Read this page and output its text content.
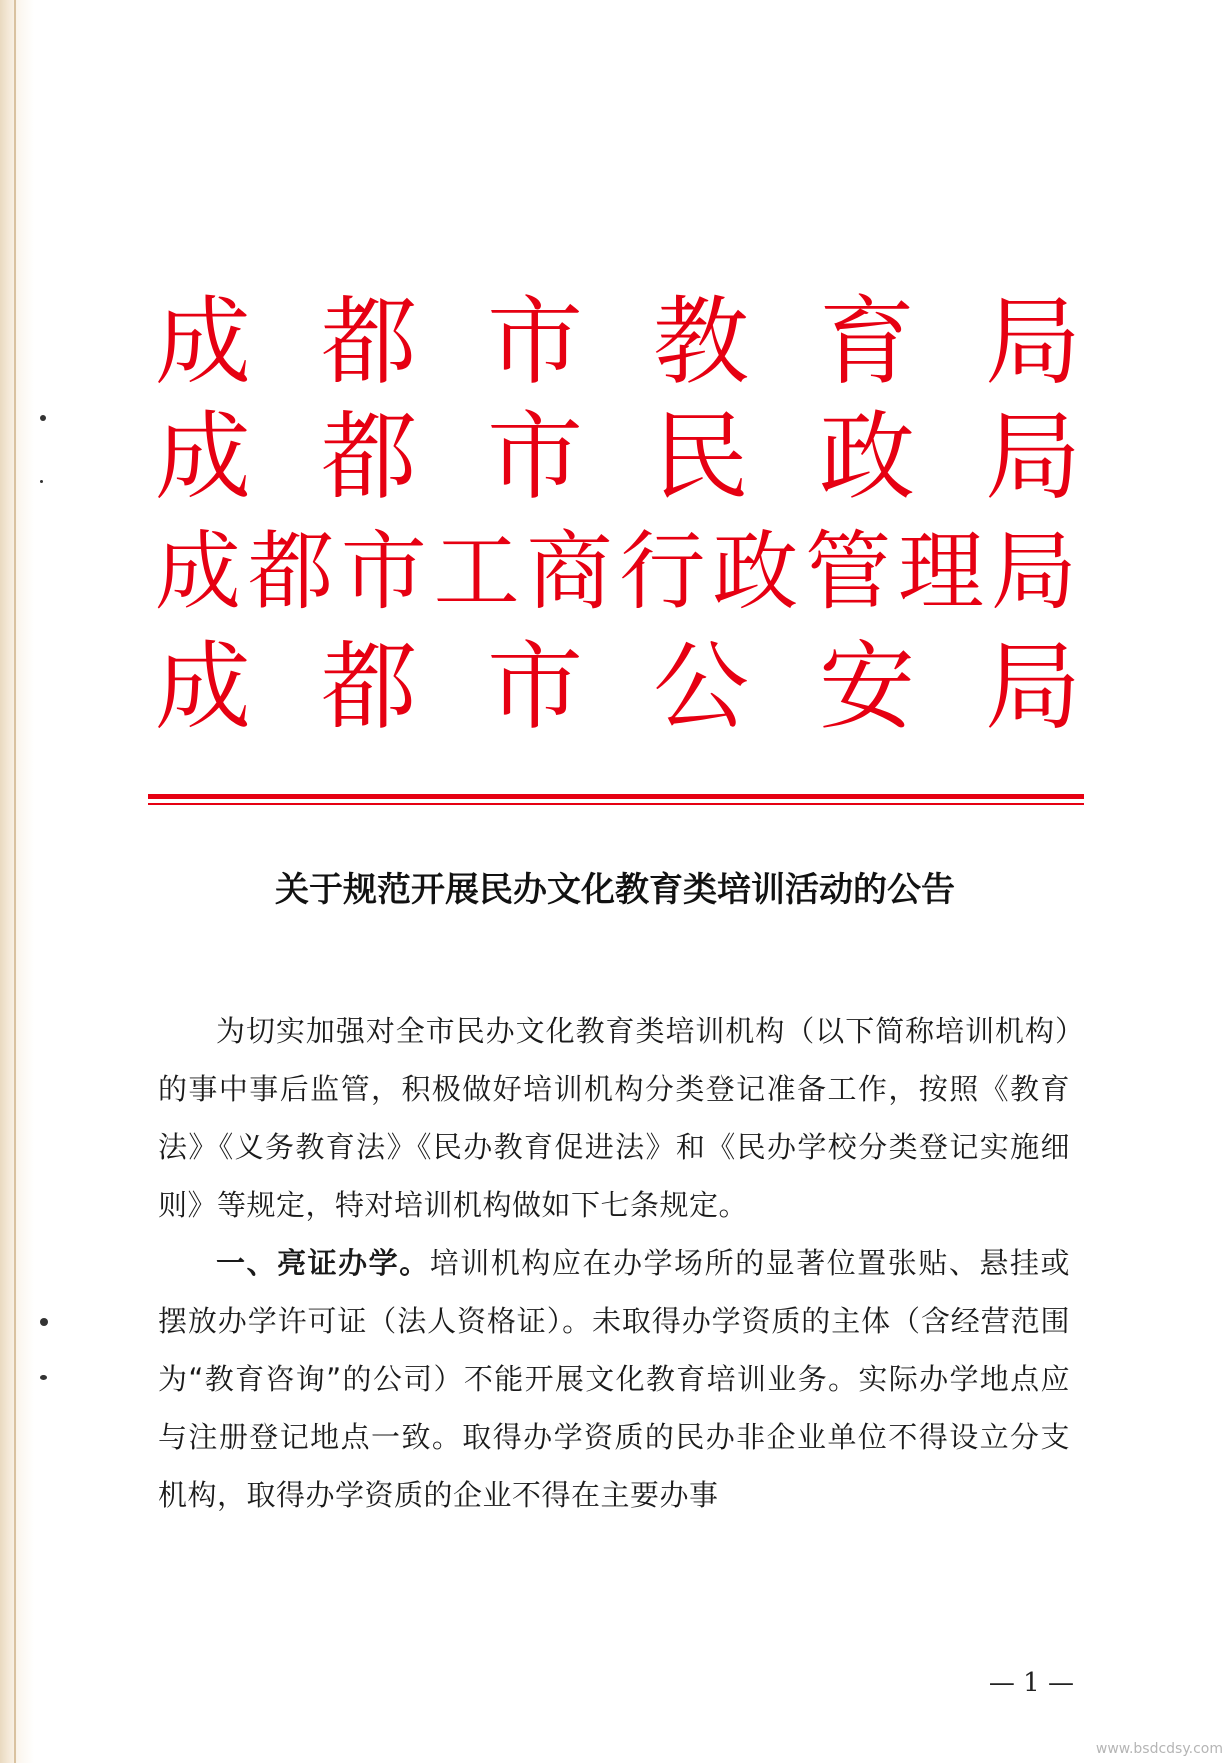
成 都 市 教 育 局
成 都 市 民 政 局
成 都 市 工 商 行 政 管 理 局
成 都 市 公 安 局
关于规范开展民办文化教育类培训活动的公告

为切实加强对全市民办文化教育类培训机构（以下简称培训机构）的事中事后监管，积极做好培训机构分类登记准备工作，按照《教育法》《义务教育法》《民办教育促进法》和《民办学校分类登记实施细则》等规定，特对培训机构做如下七条规定。

一、亮证办学。培训机构应在办学场所的显著位置张贴、悬挂或摆放办学许可证（法人资格证）。未取得办学资质的主体（含经营范围为“教育咨询”的公司）不能开展文化教育培训业务。实际办学地点应与注册登记地点一致。取得办学资质的民办非企业单位不得设立分支机构，取得办学资质的企业不得在主要办事

— 1 —
www.bsdcdsy.com
